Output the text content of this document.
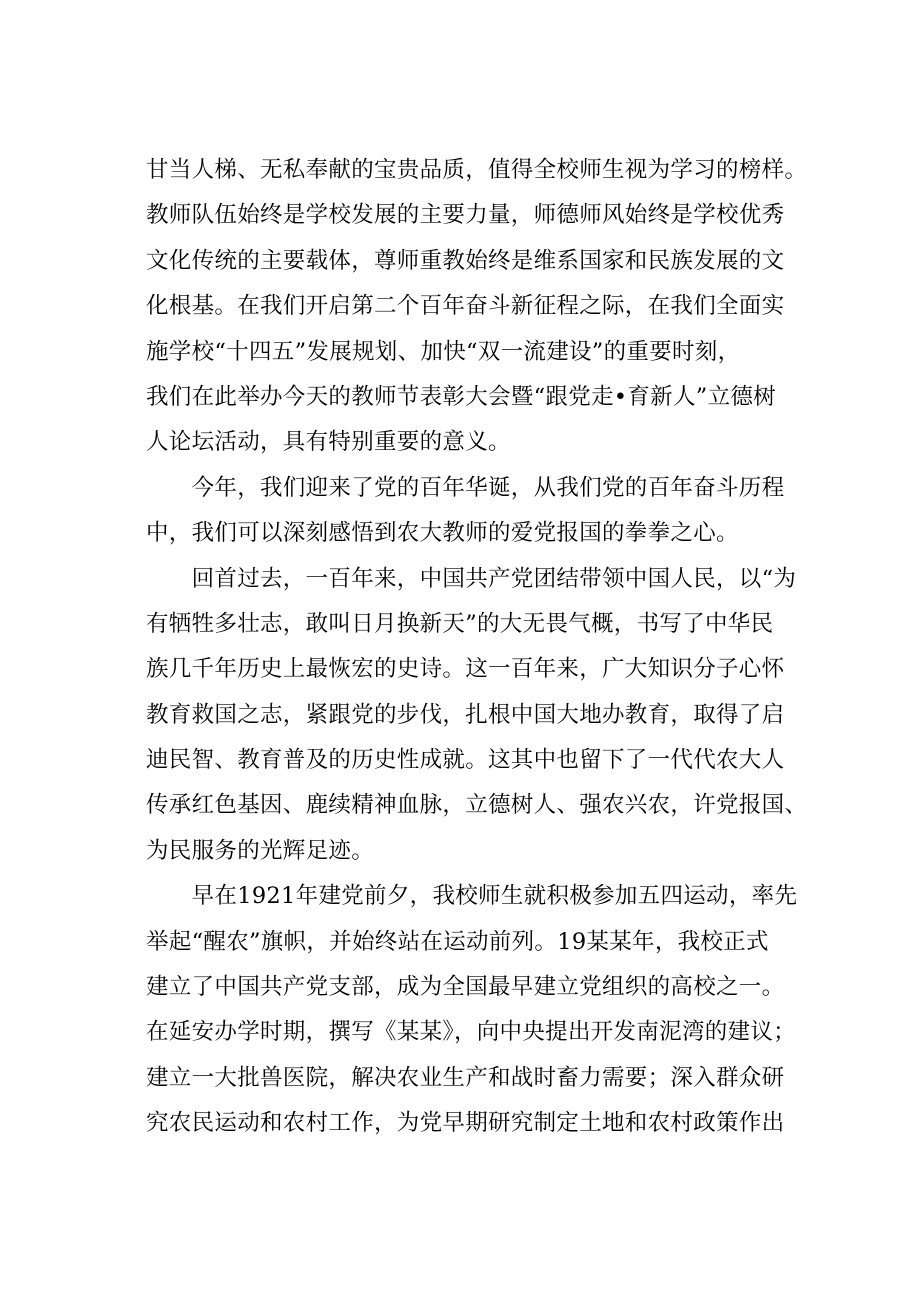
甘当人梯、无私奉献的宝贵品质，值得全校师生视为学习的榜样。
教师队伍始终是学校发展的主要力量，师德师风始终是学校优秀
文化传统的主要载体，尊师重教始终是维系国家和民族发展的文
化根基。在我们开启第二个百年奋斗新征程之际，在我们全面实
施学校“十四五”发展规划、加快“双一流建设”的重要时刻，
我们在此举办今天的教师节表彰大会暨“跟党走•育新人”立德树
人论坛活动，具有特别重要的意义。
　　今年，我们迎来了党的百年华诞，从我们党的百年奋斗历程
中，我们可以深刻感悟到农大教师的爱党报国的拳拳之心。
　　回首过去，一百年来，中国共产党团结带领中国人民，以“为
有牺牲多壮志，敢叫日月换新天”的大无畏气概，书写了中华民
族几千年历史上最恢宏的史诗。这一百年来，广大知识分子心怀
教育救国之志，紧跟党的步伐，扎根中国大地办教育，取得了启
迪民智、教育普及的历史性成就。这其中也留下了一代代农大人
传承红色基因、鹿续精神血脉，立德树人、强农兴农，许党报国、
为民服务的光辉足迹。
　　早在1921年建党前夕，我校师生就积极参加五四运动，率先
举起“醒农”旗帜，并始终站在运动前列。19某某年，我校正式
建立了中国共产党支部，成为全国最早建立党组织的高校之一。
在延安办学时期，撰写《某某》，向中央提出开发南泥湾的建议；
建立一大批兽医院，解决农业生产和战时畜力需要；深入群众研
究农民运动和农村工作，为党早期研究制定土地和农村政策作出
